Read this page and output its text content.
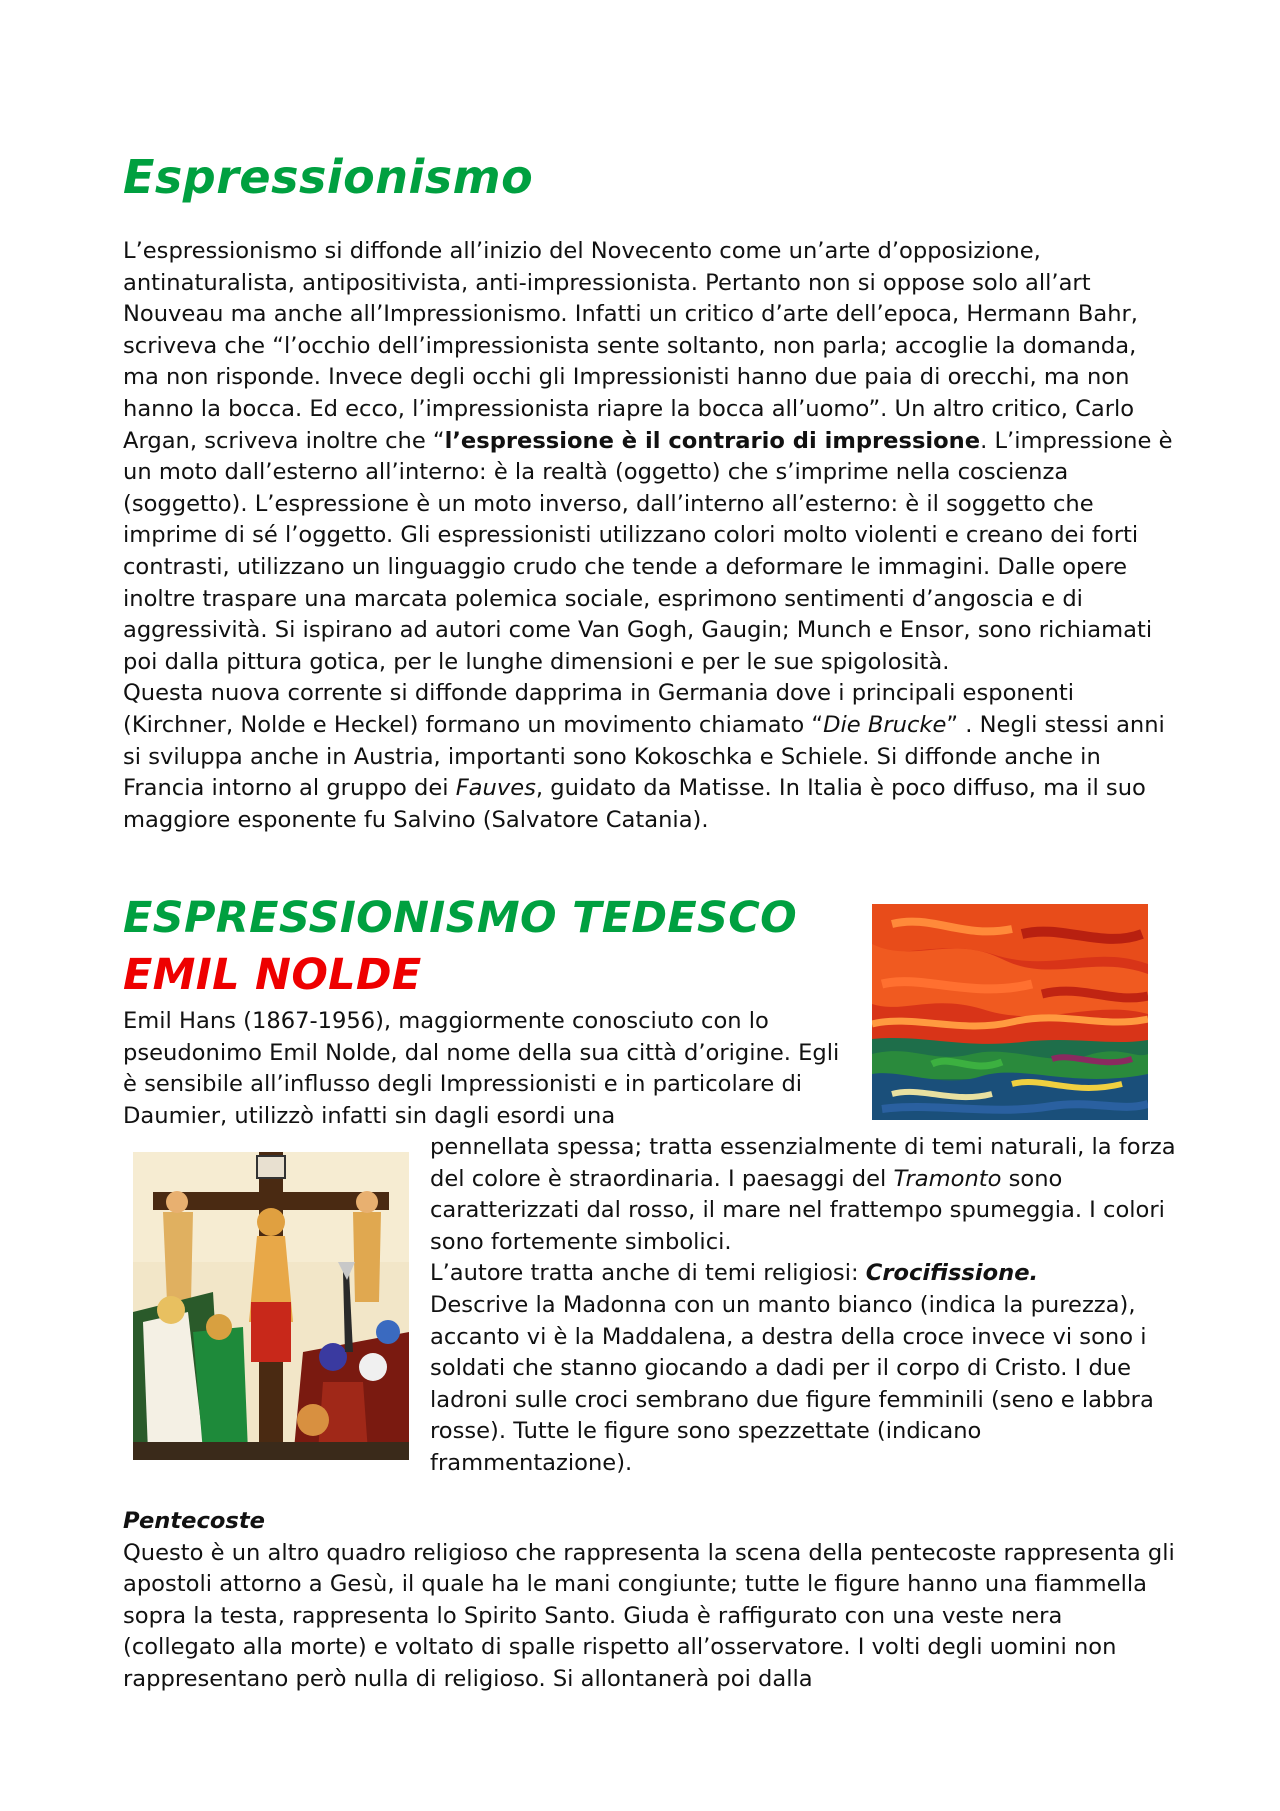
Espressionismo

L’espressionismo si diffonde all’inizio del Novecento come un’arte d’opposizione, antinaturalista, antipositivista, anti-impressionista. Pertanto non si oppose solo all’art Nouveau ma anche all’Impressionismo. Infatti un critico d’arte dell’epoca, Hermann Bahr, scriveva che “l’occhio dell’impressionista sente soltanto, non parla; accoglie la domanda, ma non risponde. Invece degli occhi gli Impressionisti hanno due paia di orecchi, ma non hanno la bocca. Ed ecco, l’impressionista riapre la bocca all’uomo”. Un altro critico, Carlo Argan, scriveva inoltre che “l’espressione è il contrario di impressione. L’impressione è un moto dall’esterno all’interno: è la realtà (oggetto) che s’imprime nella coscienza (soggetto). L’espressione è un moto inverso, dall’interno all’esterno: è il soggetto che imprime di sé l’oggetto. Gli espressionisti utilizzano colori molto violenti e creano dei forti contrasti, utilizzano un linguaggio crudo che tende a deformare le immagini. Dalle opere inoltre traspare una marcata polemica sociale, esprimono sentimenti d’angoscia e di aggressività. Si ispirano ad autori come Van Gogh, Gaugin; Munch e Ensor, sono richiamati poi dalla pittura gotica, per le lunghe dimensioni e per le sue spigolosità.

Questa nuova corrente si diffonde dapprima in Germania dove i principali esponenti (Kirchner, Nolde e Heckel) formano un movimento chiamato “Die Brucke” . Negli stessi anni si sviluppa anche in Austria, importanti sono Kokoschka e Schiele. Si diffonde anche in Francia intorno al gruppo dei Fauves, guidato da Matisse. In Italia è poco diffuso, ma il suo maggiore esponente fu Salvino (Salvatore Catania).

ESPRESSIONISMO TEDESCO
EMIL NOLDE
Emil Hans (1867-1956), maggiormente conosciuto con lo pseudonimo Emil Nolde, dal nome della sua città d’origine. Egli è sensibile all’influsso degli Impressionisti e in particolare di Daumier, utilizzò infatti sin dagli esordi una

pennellata spessa; tratta essenzialmente di temi naturali, la forza del colore è straordinaria. I paesaggi del Tramonto sono caratterizzati dal rosso, il mare nel frattempo spumeggia. I colori sono fortemente simbolici.

L’autore tratta anche di temi religiosi: Crocifissione.
Descrive la Madonna con un manto bianco (indica la purezza), accanto vi è la Maddalena, a destra della croce invece vi sono i soldati che stanno giocando a dadi per il corpo di Cristo. I due ladroni sulle croci sembrano due figure femminili (seno e labbra rosse). Tutte le figure sono spezzettate (indicano frammentazione).

Pentecoste
Questo è un altro quadro religioso che rappresenta la scena della pentecoste rappresenta gli apostoli attorno a Gesù, il quale ha le mani congiunte; tutte le figure hanno una fiammella sopra la testa, rappresenta lo Spirito Santo. Giuda è raffigurato con una veste nera (collegato alla morte) e voltato di spalle rispetto all’osservatore. I volti degli uomini non rappresentano però nulla di religioso. Si allontanerà poi dalla
